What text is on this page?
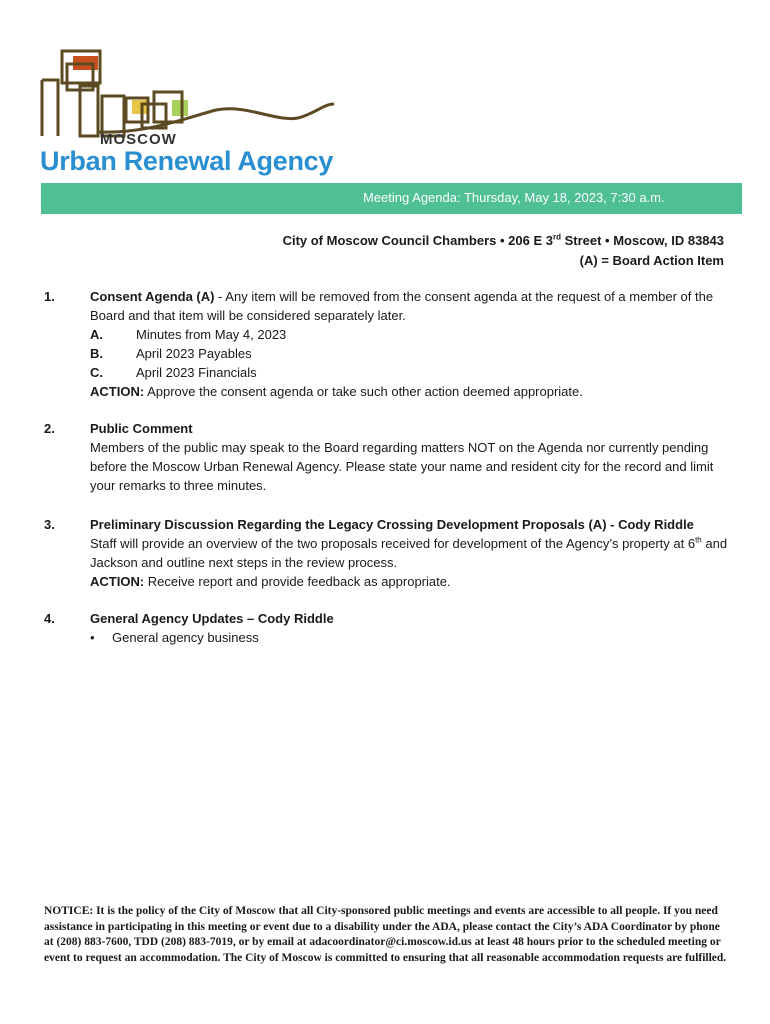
MOSCOW
Urban Renewal Agency
Meeting Agenda: Thursday, May 18, 2023, 7:30 a.m.
City of Moscow Council Chambers • 206 E 3rd Street • Moscow, ID 83843
(A) = Board Action Item
1.	Consent Agenda (A) - Any item will be removed from the consent agenda at the request of a member of the Board and that item will be considered separately later.
A.	Minutes from May 4, 2023
B.	April 2023 Payables
C.	April 2023 Financials
ACTION: Approve the consent agenda or take such other action deemed appropriate.
2.	Public Comment
Members of the public may speak to the Board regarding matters NOT on the Agenda nor currently pending before the Moscow Urban Renewal Agency. Please state your name and resident city for the record and limit your remarks to three minutes.
3.	Preliminary Discussion Regarding the Legacy Crossing Development Proposals (A) - Cody Riddle
Staff will provide an overview of the two proposals received for development of the Agency’s property at 6th and Jackson and outline next steps in the review process.
ACTION: Receive report and provide feedback as appropriate.
4.	General Agency Updates – Cody Riddle
• General agency business
NOTICE: It is the policy of the City of Moscow that all City-sponsored public meetings and events are accessible to all people. If you need assistance in participating in this meeting or event due to a disability under the ADA, please contact the City’s ADA Coordinator by phone at (208) 883-7600, TDD (208) 883-7019, or by email at adacoordinator@ci.moscow.id.us at least 48 hours prior to the scheduled meeting or event to request an accommodation. The City of Moscow is committed to ensuring that all reasonable accommodation requests are fulfilled.
